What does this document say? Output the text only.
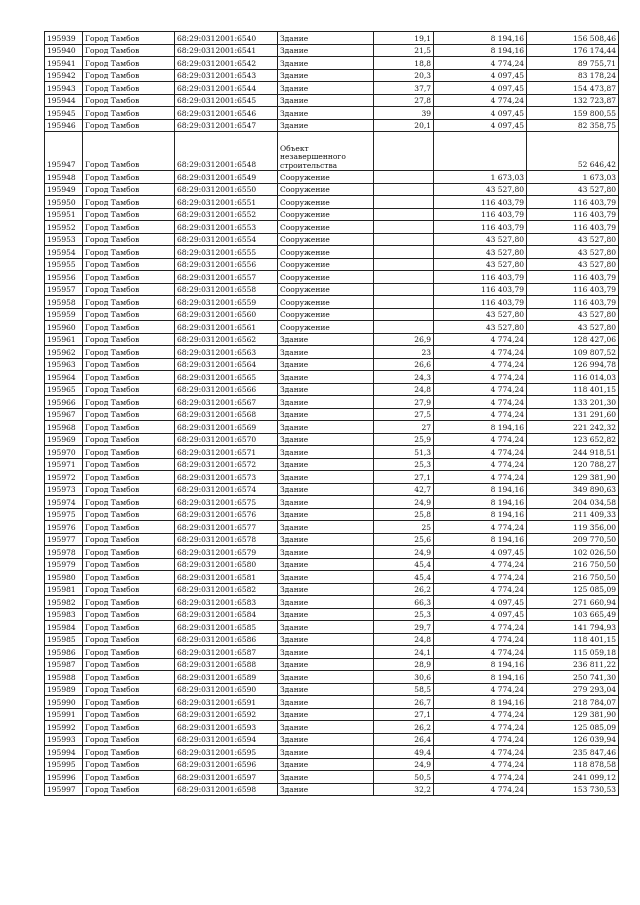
195939	Город Тамбов	68:29:0312001:6540	Здание	19,1	8 194,16	156 508,46
195940	Город Тамбов	68:29:0312001:6541	Здание	21,5	8 194,16	176 174,44
195941	Город Тамбов	68:29:0312001:6542	Здание	18,8	4 774,24	89 755,71
195942	Город Тамбов	68:29:0312001:6543	Здание	20,3	4 097,45	83 178,24
195943	Город Тамбов	68:29:0312001:6544	Здание	37,7	4 097,45	154 473,87
195944	Город Тамбов	68:29:0312001:6545	Здание	27,8	4 774,24	132 723,87
195945	Город Тамбов	68:29:0312001:6546	Здание	39	4 097,45	159 800,55
195946	Город Тамбов	68:29:0312001:6547	Здание	20,1	4 097,45	82 358,75
195947	Город Тамбов	68:29:0312001:6548	Объект незавершенного строительства			52 646,42
195948	Город Тамбов	68:29:0312001:6549	Сооружение		1 673,03	1 673,03
195949	Город Тамбов	68:29:0312001:6550	Сооружение		43 527,80	43 527,80
195950	Город Тамбов	68:29:0312001:6551	Сооружение		116 403,79	116 403,79
195951	Город Тамбов	68:29:0312001:6552	Сооружение		116 403,79	116 403,79
195952	Город Тамбов	68:29:0312001:6553	Сооружение		116 403,79	116 403,79
195953	Город Тамбов	68:29:0312001:6554	Сооружение		43 527,80	43 527,80
195954	Город Тамбов	68:29:0312001:6555	Сооружение		43 527,80	43 527,80
195955	Город Тамбов	68:29:0312001:6556	Сооружение		43 527,80	43 527,80
195956	Город Тамбов	68:29:0312001:6557	Сооружение		116 403,79	116 403,79
195957	Город Тамбов	68:29:0312001:6558	Сооружение		116 403,79	116 403,79
195958	Город Тамбов	68:29:0312001:6559	Сооружение		116 403,79	116 403,79
195959	Город Тамбов	68:29:0312001:6560	Сооружение		43 527,80	43 527,80
195960	Город Тамбов	68:29:0312001:6561	Сооружение		43 527,80	43 527,80
195961	Город Тамбов	68:29:0312001:6562	Здание	26,9	4 774,24	128 427,06
195962	Город Тамбов	68:29:0312001:6563	Здание	23	4 774,24	109 807,52
195963	Город Тамбов	68:29:0312001:6564	Здание	26,6	4 774,24	126 994,78
195964	Город Тамбов	68:29:0312001:6565	Здание	24,3	4 774,24	116 014,03
195965	Город Тамбов	68:29:0312001:6566	Здание	24,8	4 774,24	118 401,15
195966	Город Тамбов	68:29:0312001:6567	Здание	27,9	4 774,24	133 201,30
195967	Город Тамбов	68:29:0312001:6568	Здание	27,5	4 774,24	131 291,60
195968	Город Тамбов	68:29:0312001:6569	Здание	27	8 194,16	221 242,32
195969	Город Тамбов	68:29:0312001:6570	Здание	25,9	4 774,24	123 652,82
195970	Город Тамбов	68:29:0312001:6571	Здание	51,3	4 774,24	244 918,51
195971	Город Тамбов	68:29:0312001:6572	Здание	25,3	4 774,24	120 788,27
195972	Город Тамбов	68:29:0312001:6573	Здание	27,1	4 774,24	129 381,90
195973	Город Тамбов	68:29:0312001:6574	Здание	42,7	8 194,16	349 890,63
195974	Город Тамбов	68:29:0312001:6575	Здание	24,9	8 194,16	204 034,58
195975	Город Тамбов	68:29:0312001:6576	Здание	25,8	8 194,16	211 409,33
195976	Город Тамбов	68:29:0312001:6577	Здание	25	4 774,24	119 356,00
195977	Город Тамбов	68:29:0312001:6578	Здание	25,6	8 194,16	209 770,50
195978	Город Тамбов	68:29:0312001:6579	Здание	24,9	4 097,45	102 026,50
195979	Город Тамбов	68:29:0312001:6580	Здание	45,4	4 774,24	216 750,50
195980	Город Тамбов	68:29:0312001:6581	Здание	45,4	4 774,24	216 750,50
195981	Город Тамбов	68:29:0312001:6582	Здание	26,2	4 774,24	125 085,09
195982	Город Тамбов	68:29:0312001:6583	Здание	66,3	4 097,45	271 660,94
195983	Город Тамбов	68:29:0312001:6584	Здание	25,3	4 097,45	103 665,49
195984	Город Тамбов	68:29:0312001:6585	Здание	29,7	4 774,24	141 794,93
195985	Город Тамбов	68:29:0312001:6586	Здание	24,8	4 774,24	118 401,15
195986	Город Тамбов	68:29:0312001:6587	Здание	24,1	4 774,24	115 059,18
195987	Город Тамбов	68:29:0312001:6588	Здание	28,9	8 194,16	236 811,22
195988	Город Тамбов	68:29:0312001:6589	Здание	30,6	8 194,16	250 741,30
195989	Город Тамбов	68:29:0312001:6590	Здание	58,5	4 774,24	279 293,04
195990	Город Тамбов	68:29:0312001:6591	Здание	26,7	8 194,16	218 784,07
195991	Город Тамбов	68:29:0312001:6592	Здание	27,1	4 774,24	129 381,90
195992	Город Тамбов	68:29:0312001:6593	Здание	26,2	4 774,24	125 085,09
195993	Город Тамбов	68:29:0312001:6594	Здание	26,4	4 774,24	126 039,94
195994	Город Тамбов	68:29:0312001:6595	Здание	49,4	4 774,24	235 847,46
195995	Город Тамбов	68:29:0312001:6596	Здание	24,9	4 774,24	118 878,58
195996	Город Тамбов	68:29:0312001:6597	Здание	50,5	4 774,24	241 099,12
195997	Город Тамбов	68:29:0312001:6598	Здание	32,2	4 774,24	153 730,53
